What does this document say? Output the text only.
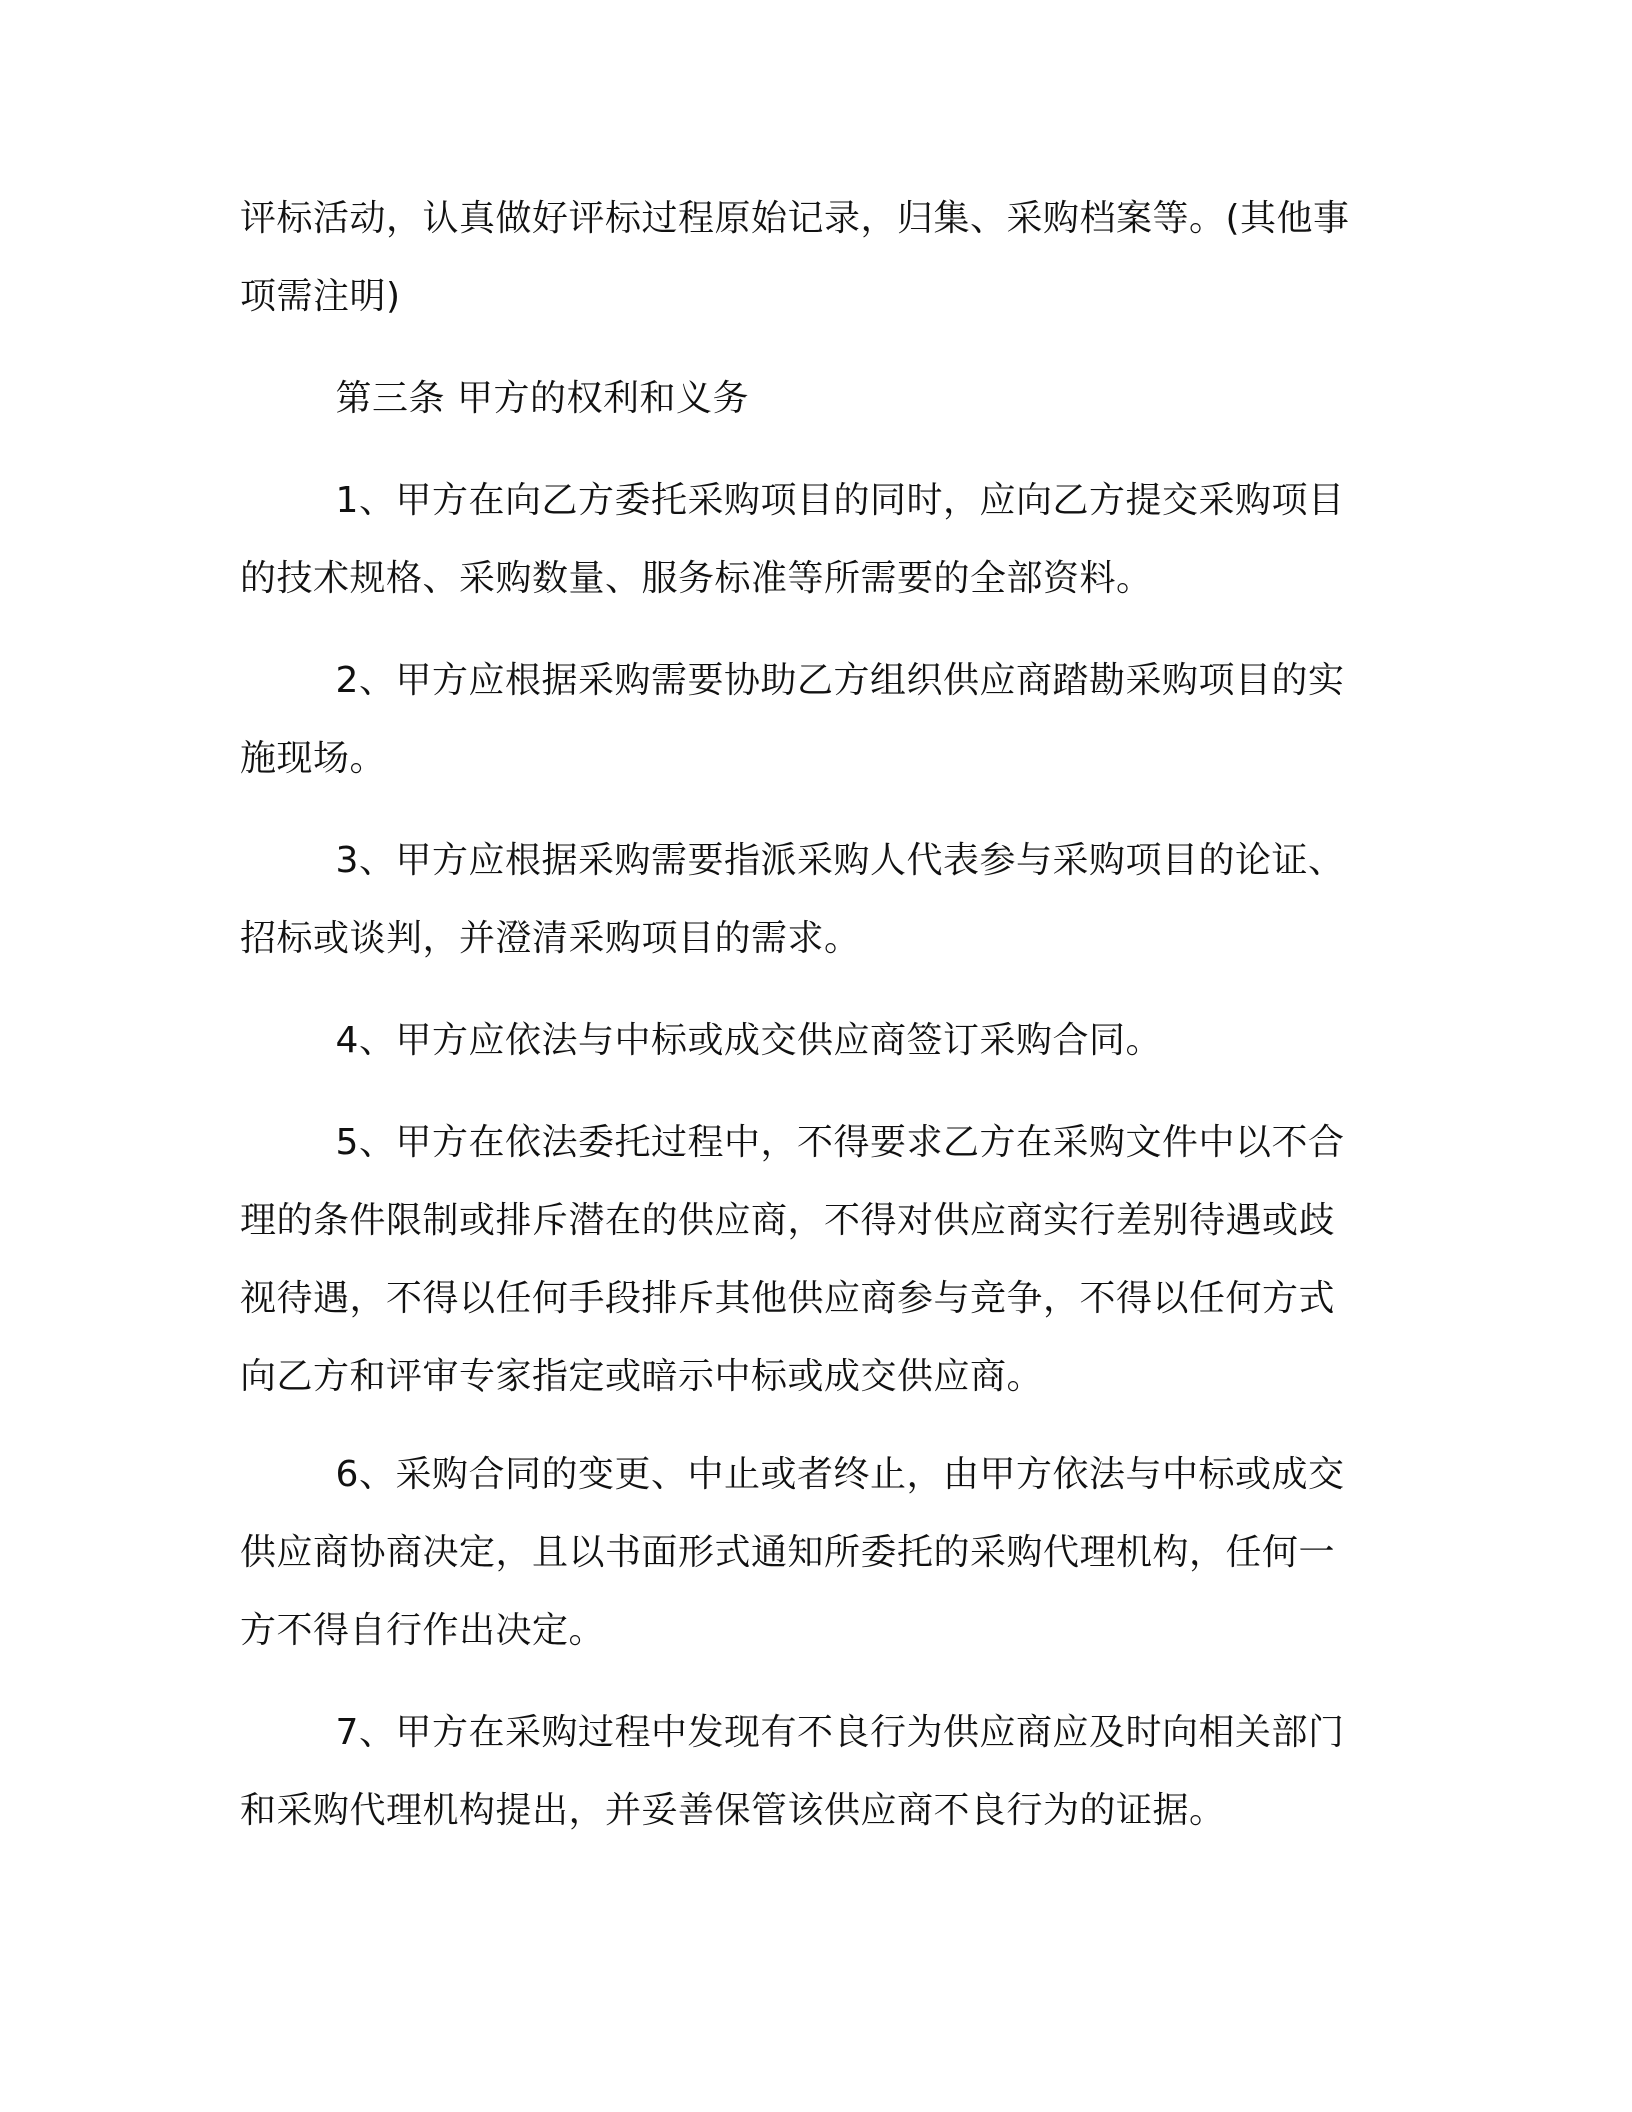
评标活动，认真做好评标过程原始记录，归集、采购档案等。(其他事
项需注明)

第三条 甲方的权利和义务

1、甲方在向乙方委托采购项目的同时，应向乙方提交采购项目
的技术规格、采购数量、服务标准等所需要的全部资料。

2、甲方应根据采购需要协助乙方组织供应商踏勘采购项目的实
施现场。

3、甲方应根据采购需要指派采购人代表参与采购项目的论证、
招标或谈判，并澄清采购项目的需求。

4、甲方应依法与中标或成交供应商签订采购合同。

5、甲方在依法委托过程中，不得要求乙方在采购文件中以不合
理的条件限制或排斥潜在的供应商，不得对供应商实行差别待遇或歧
视待遇，不得以任何手段排斥其他供应商参与竞争，不得以任何方式
向乙方和评审专家指定或暗示中标或成交供应商。

6、采购合同的变更、中止或者终止，由甲方依法与中标或成交
供应商协商决定，且以书面形式通知所委托的采购代理机构，任何一
方不得自行作出决定。

7、甲方在采购过程中发现有不良行为供应商应及时向相关部门
和采购代理机构提出，并妥善保管该供应商不良行为的证据。
